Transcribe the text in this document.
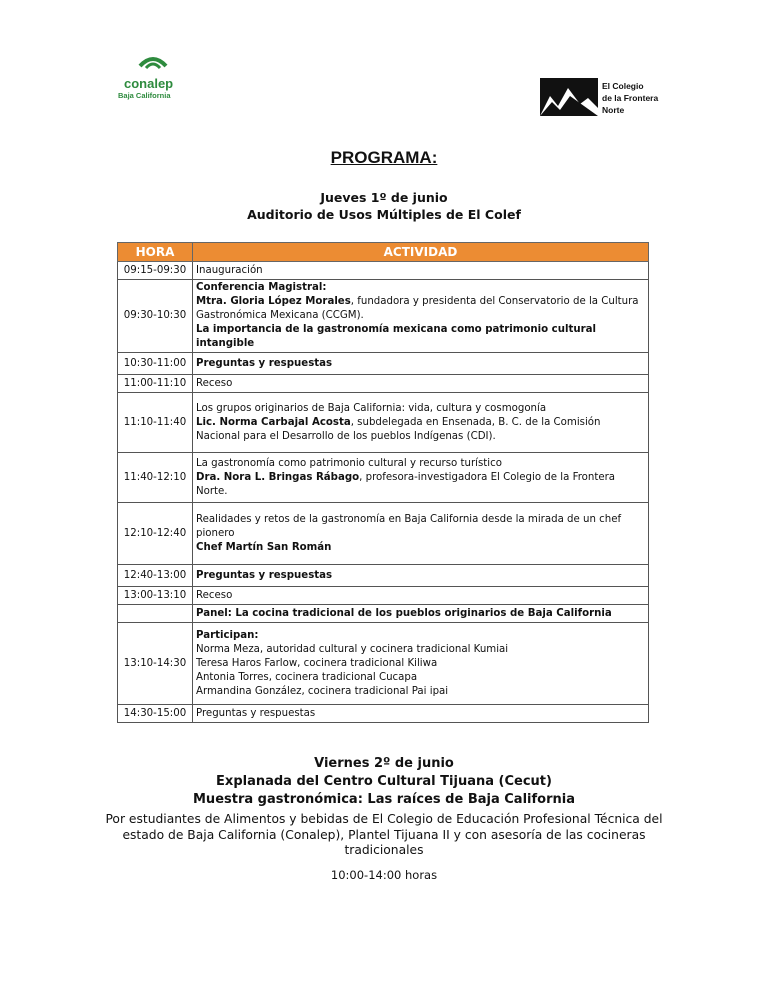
conalep
Baja California
El Colegio
de la Frontera
Norte
PROGRAMA:
Jueves 1º de junio
Auditorio de Usos Múltiples de El Colef
HORA	ACTIVIDAD
09:15-09:30	Inauguración

09:30-10:30	Conferencia Magistral:
Mtra. Gloria López Morales, fundadora y presidenta del Conservatorio de la Cultura Gastronómica Mexicana (CCGM).
La importancia de la gastronomía mexicana como patrimonio cultural intangible

10:30-11:00	Preguntas y respuestas

11:00-11:10	Receso

11:10-11:40	Los grupos originarios de Baja California: vida, cultura y cosmogonía
Lic. Norma Carbajal Acosta, subdelegada en Ensenada, B. C. de la Comisión Nacional para el Desarrollo de los pueblos Indígenas (CDI).

11:40-12:10	La gastronomía como patrimonio cultural y recurso turístico
Dra. Nora L. Bringas Rábago, profesora-investigadora El Colegio de la Frontera Norte.

12:10-12:40	Realidades y retos de la gastronomía en Baja California desde la mirada de un chef pionero
Chef Martín San Román

12:40-13:00	Preguntas y respuestas

13:00-13:10	Receso

	Panel: La cocina tradicional de los pueblos originarios de Baja California

13:10-14:30	Participan:
Norma Meza, autoridad cultural y cocinera tradicional Kumiai
Teresa Haros Farlow, cocinera tradicional Kiliwa
Antonia Torres, cocinera tradicional Cucapa
Armandina González, cocinera tradicional Pai ipai

14:30-15:00	Preguntas y respuestas
Viernes 2º de junio
Explanada del Centro Cultural Tijuana (Cecut)
Muestra gastronómica: Las raíces de Baja California
Por estudiantes de Alimentos y bebidas de El Colegio de Educación Profesional Técnica del
estado de Baja California (Conalep), Plantel Tijuana II y con asesoría de las cocineras
tradicionales
10:00-14:00 horas
